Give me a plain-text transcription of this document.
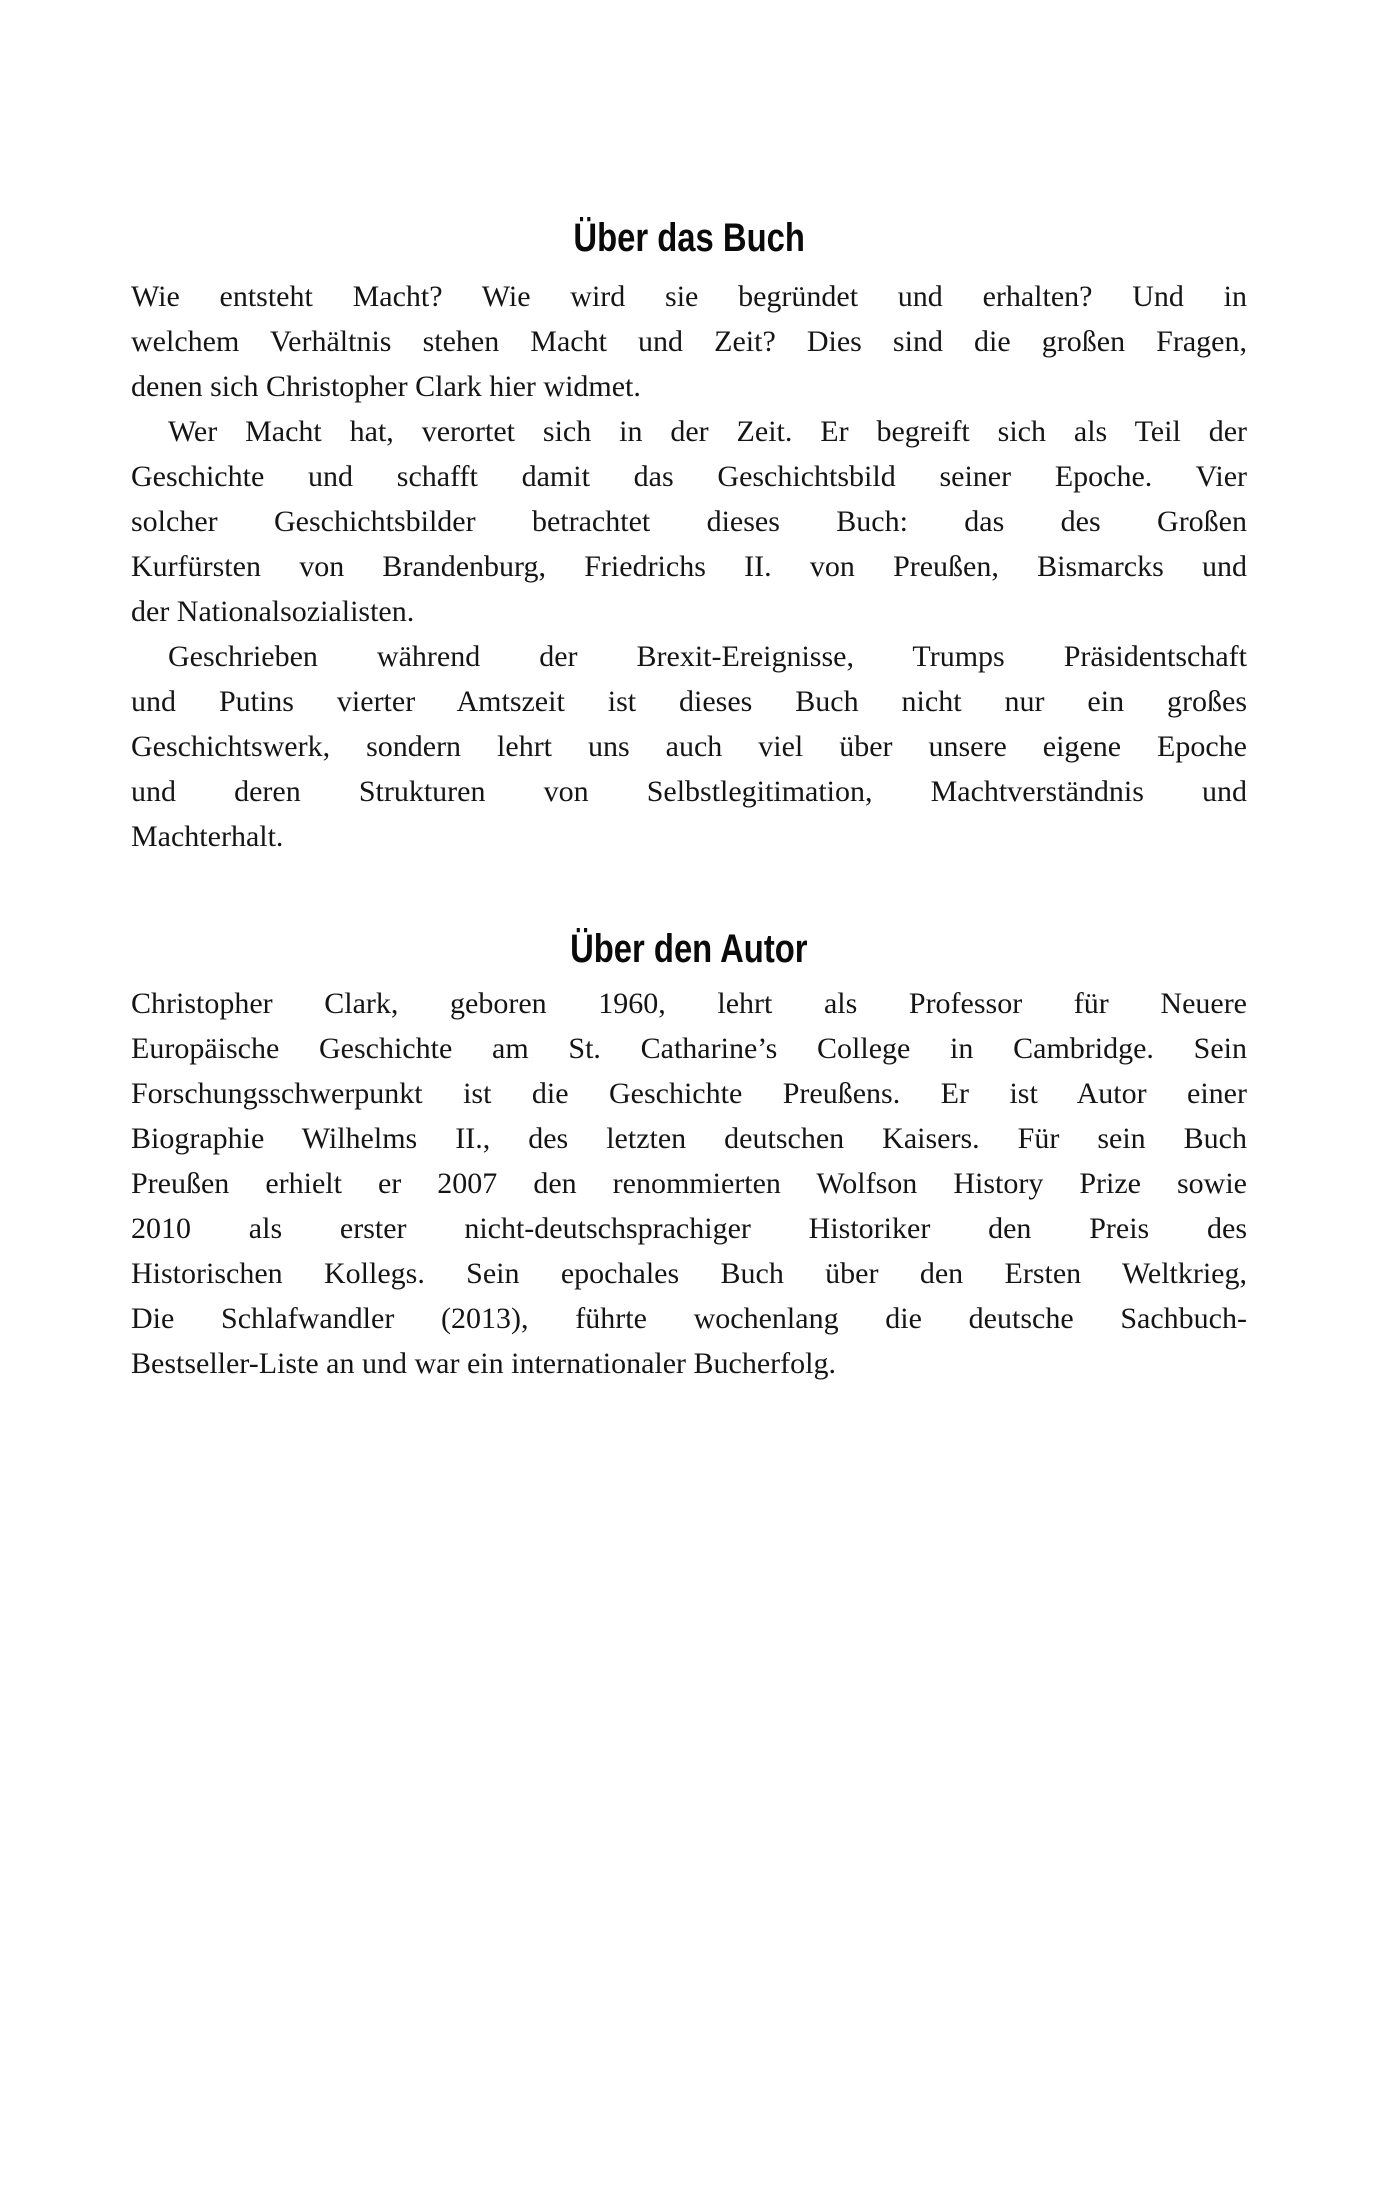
Über das Buch
Wie entsteht Macht? Wie wird sie begründet und erhalten? Und in
welchem Verhältnis stehen Macht und Zeit? Dies sind die großen Fragen,
denen sich Christopher Clark hier widmet.
Wer Macht hat, verortet sich in der Zeit. Er begreift sich als Teil der
Geschichte und schafft damit das Geschichtsbild seiner Epoche. Vier
solcher Geschichtsbilder betrachtet dieses Buch: das des Großen
Kurfürsten von Brandenburg, Friedrichs II. von Preußen, Bismarcks und
der Nationalsozialisten.
Geschrieben während der Brexit-Ereignisse, Trumps Präsidentschaft
und Putins vierter Amtszeit ist dieses Buch nicht nur ein großes
Geschichtswerk, sondern lehrt uns auch viel über unsere eigene Epoche
und deren Strukturen von Selbstlegitimation, Machtverständnis und
Machterhalt.
Über den Autor
Christopher Clark, geboren 1960, lehrt als Professor für Neuere
Europäische Geschichte am St. Catharine’s College in Cambridge. Sein
Forschungsschwerpunkt ist die Geschichte Preußens. Er ist Autor einer
Biographie Wilhelms II., des letzten deutschen Kaisers. Für sein Buch
Preußen erhielt er 2007 den renommierten Wolfson History Prize sowie
2010 als erster nicht-deutschsprachiger Historiker den Preis des
Historischen Kollegs. Sein epochales Buch über den Ersten Weltkrieg,
Die Schlafwandler (2013), führte wochenlang die deutsche Sachbuch-
Bestseller-Liste an und war ein internationaler Bucherfolg.
